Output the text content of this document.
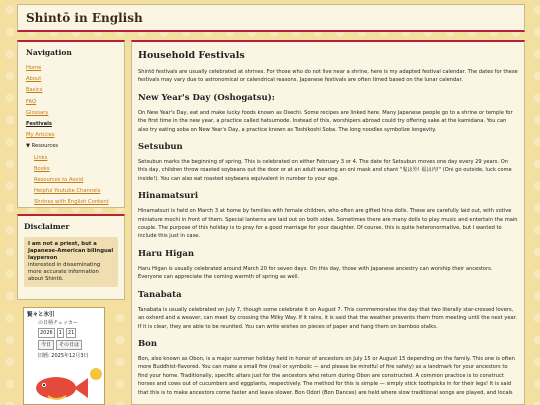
Shintō in English
Navigation
Home
About
Basics
FAQ
Glossary
Festivals
My Articles
▼ Resources
Links
Books
Resources to Avoid
Helpful Youtube Channels
Shrines with English Content
Disclaimer
I am not a priest, but a Japanese-American bilingual layperson
interested in disseminating more accurate information about Shintō.
賢々と氷引
の日柄チェッカー
2026	1	21
今日	その日は
旧暦: 2025年12月3日
Household Festivals

Shintō festivals are usually celebrated at shrines. For those who do not live near a shrine, here is my adapted festival calendar. The dates for these festivals may vary due to astronomical or calendrical reasons. Japanese festivals are often timed based on the lunar calendar.

New Year's Day (Oshogatsu):

On New Year's Day, eat and make lucky foods known as Osechi. Some recipes are linked here. Many Japanese people go to a shrine or temple for the first time in the new year, a practice called hatsumode. Instead of this, worshipers abroad could try offering sake at the kamidana. You can also try eating soba on New Year's Day, a practice known as Toshikoshi Soba. The long noodles symbolize longevity.

Setsubun

Setsubun marks the beginning of spring. This is celebrated on either February 3 or 4. The date for Setsubun moves one day every 29 years. On this day, children throw roasted soybeans out the door or at an adult wearing an oni mask and chant "鬼は外! 福は内!" (Oni go outside, luck come inside!). You can also eat roasted soybeans equivalent in number to your age.

Hinamatsuri

Hinamatsuri is held on March 3 at home by families with female children, who often are gifted hina dolls. These are carefully laid out, with votive miniature mochi in front of them. Special lanterns are laid out on both sides. Sometimes there are many dolls to play music and entertain the main couple. The purpose of this holiday is to pray for a good marriage for your daughter. Of course, this is quite heteronormative, but I wanted to include this just in case.

Haru Higan

Haru Higan is usually celebrated around March 20 for seven days. On this day, those with Japanese ancestry can worship their ancestors. Everyone can appreciate the coming warmth of spring as well.

Tanabata

Tanabata is usually celebrated on July 7, though some celebrate it on August 7. This commemorates the day that two literally star-crossed lovers, an oxherd and a weaver, can meet by crossing the Milky Way. If it rains, it is said that the weather prevents them from meeting until the next year. If it is clear, they are able to be reunited. You can write wishes on pieces of paper and hang them on bamboo stalks.

Bon

Bon, also known as Obon, is a major summer holiday held in honor of ancestors on July 15 or August 15 depending on the family. This one is often more Buddhist-flavored. You can make a small fire (real or symbolic — and please be mindful of fire safety) as a landmark for your ancestors to find your home. Traditionally, specific altars just for the ancestors who return during Obon are constructed. A common practice is to construct horses and cows out of cucumbers and eggplants, respectively. The method for this is simple — simply stick toothpicks in for their legs! It is said that this is to make ancestors come faster and leave slower. Bon Odori (Bon Dances) are held where slow traditional songs are played, and locals
